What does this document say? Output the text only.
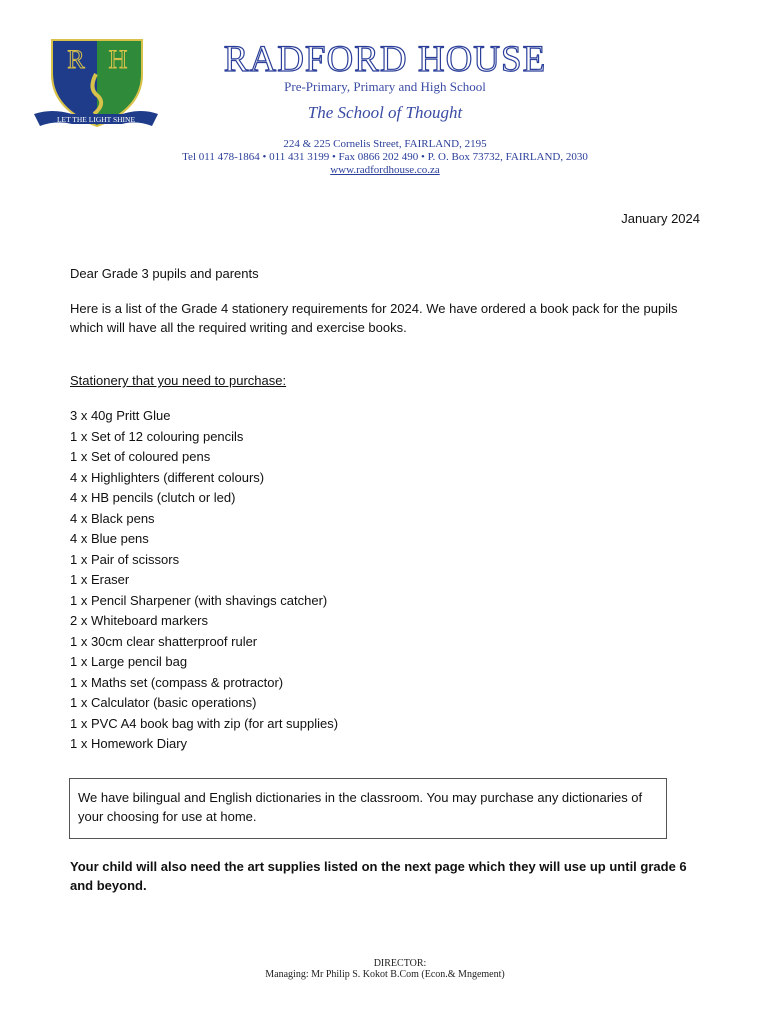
R H
LET THE LIGHT SHINE
RADFORD HOUSE
Pre-Primary, Primary and High School
The School of Thought
224 & 225 Cornelis Street, FAIRLAND, 2195
Tel 011 478-1864 • 011 431 3199 • Fax 0866 202 490 • P. O. Box 73732, FAIRLAND, 2030
www.radfordhouse.co.za
January 2024
Dear Grade 3 pupils and parents
Here is a list of the Grade 4 stationery requirements for 2024. We have ordered a book pack for the pupils which will have all the required writing and exercise books.
Stationery that you need to purchase:
3 x 40g Pritt Glue
1 x Set of 12 colouring pencils
1 x Set of coloured pens
4 x Highlighters (different colours)
4 x HB pencils (clutch or led)
4 x Black pens
4 x Blue pens
1 x Pair of scissors
1 x Eraser
1 x Pencil Sharpener (with shavings catcher)
2 x Whiteboard markers
1 x 30cm clear shatterproof ruler
1 x Large pencil bag
1 x Maths set (compass & protractor)
1 x Calculator (basic operations)
1 x PVC A4 book bag with zip (for art supplies)
1 x Homework Diary
We have bilingual and English dictionaries in the classroom. You may purchase any dictionaries of your choosing for use at home.
Your child will also need the art supplies listed on the next page which they will use up until grade 6 and beyond.
DIRECTOR:
Managing: Mr Philip S. Kokot B.Com (Econ.& Mngement)
